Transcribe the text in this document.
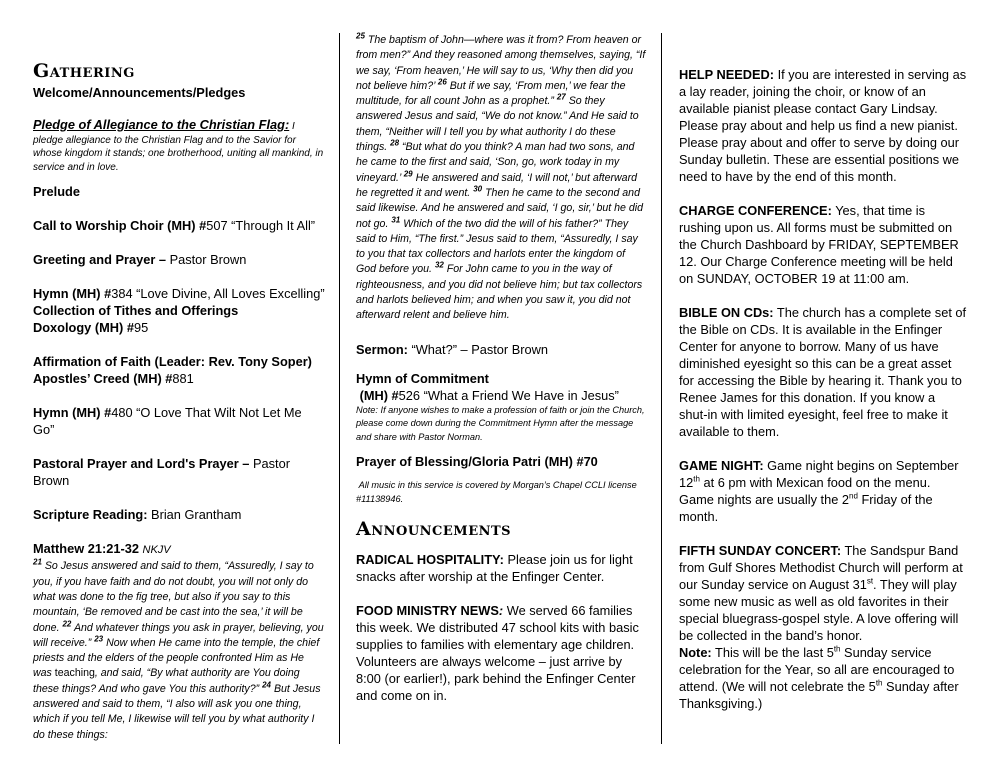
Gathering

Welcome/Announcements/Pledges

Pledge of Allegiance to the Christian Flag: I pledge allegiance to the Christian Flag and to the Savior for whose kingdom it stands; one brotherhood, uniting all mankind, in service and in love.

Prelude

Call to Worship Choir (MH) #507 “Through It All”

Greeting and Prayer – Pastor Brown

Hymn (MH) #384 “Love Divine, All Loves Excelling”

Collection of Tithes and Offerings

Doxology (MH) #95

Affirmation of Faith (Leader: Rev. Tony Soper)

Apostles’ Creed (MH) #881

Hymn (MH) #480 “O Love That Wilt Not Let Me Go”

Pastoral Prayer and Lord's Prayer – Pastor Brown

Scripture Reading: Brian Grantham

Matthew 21:21-32 NKJV

$^{21}$ So Jesus answered and said to them, “Assuredly, I say to you, if you have faith and do not doubt, you will not only do what was done to the fig tree, but also if you say to this mountain, ‘Be removed and be cast into the sea,’ it will be done. $^{22}$ And whatever things you ask in prayer, believing, you will receive.” $^{23}$ Now when He came into the temple, the chief priests and the elders of the people confronted Him as He was teaching, and said, “By what authority are You doing these things? And who gave You this authority?” $^{24}$ But Jesus answered and said to them, “I also will ask you one thing, which if you tell Me, I likewise will tell you by what authority I do these things:

$^{25}$ The baptism of John—where was it from? From heaven or from men?” And they reasoned among themselves, saying, “If we say, ‘From heaven,’ He will say to us, ‘Why then did you not believe him?’ $^{26}$ But if we say, ‘From men,’ we fear the multitude, for all count John as a prophet.” $^{27}$ So they answered Jesus and said, “We do not know.” And He said to them, “Neither will I tell you by what authority I do these things. $^{28}$ “But what do you think? A man had two sons, and he came to the first and said, ‘Son, go, work today in my vineyard.’ $^{29}$ He answered and said, ‘I will not,’ but afterward he regretted it and went. $^{30}$ Then he came to the second and said likewise. And he answered and said, ‘I go, sir,’ but he did not go. $^{31}$ Which of the two did the will of his father?” They said to Him, “The first.” Jesus said to them, “Assuredly, I say to you that tax collectors and harlots enter the kingdom of God before you. $^{32}$ For John came to you in the way of righteousness, and you did not believe him; but tax collectors and harlots believed him; and when you saw it, you did not afterward relent and believe him.

Sermon: “What?” – Pastor Brown

Hymn of Commitment

(MH) #526 “What a Friend We Have in Jesus”

Note: If anyone wishes to make a profession of faith or join the Church, please come down during the Commitment Hymn after the message and share with Pastor Norman.

Prayer of Blessing/Gloria Patri (MH) #70

All music in this service is covered by Morgan’s Chapel CCLI license #11138946.

Announcements

RADICAL HOSPITALITY: Please join us for light snacks after worship at the Enfinger Center.

FOOD MINISTRY NEWS: We served 66 families this week. We distributed 47 school kits with basic supplies to families with elementary age children. Volunteers are always welcome – just arrive by 8:00 (or earlier!), park behind the Enfinger Center and come on in.

HELP NEEDED: If you are interested in serving as a lay reader, joining the choir, or know of an available pianist please contact Gary Lindsay. Please pray about and help us find a new pianist. Please pray about and offer to serve by doing our Sunday bulletin. These are essential positions we need to have by the end of this month.

CHARGE CONFERENCE: Yes, that time is rushing upon us. All forms must be submitted on the Church Dashboard by FRIDAY, SEPTEMBER 12. Our Charge Conference meeting will be held on SUNDAY, OCTOBER 19 at 11:00 am.

BIBLE ON CDs: The church has a complete set of the Bible on CDs. It is available in the Enfinger Center for anyone to borrow. Many of us have diminished eyesight so this can be a great asset for accessing the Bible by hearing it. Thank you to Renee James for this donation. If you know a shut-in with limited eyesight, feel free to make it available to them.

GAME NIGHT: Game night begins on September 12th at 6 pm with Mexican food on the menu. Game nights are usually the 2nd Friday of the month.

FIFTH SUNDAY CONCERT: The Sandspur Band from Gulf Shores Methodist Church will perform at our Sunday service on August 31st. They will play some new music as well as old favorites in their special bluegrass-gospel style. A love offering will be collected in the band’s honor.

Note: This will be the last 5th Sunday service celebration for the Year, so all are encouraged to attend. (We will not celebrate the 5th Sunday after Thanksgiving.)
